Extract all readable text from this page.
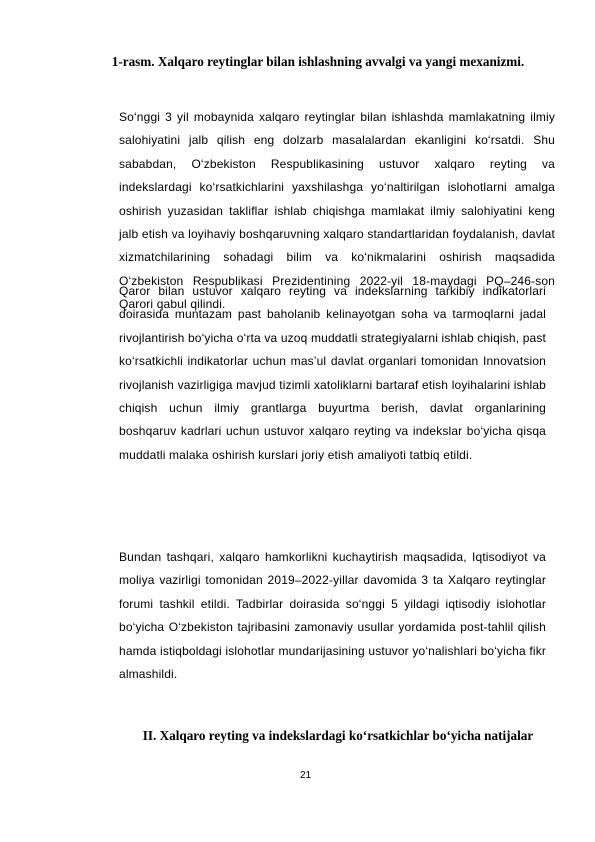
1-rasm. Xalqaro reytinglar bilan ishlashning avvalgi va yangi mexanizmi.

So‘nggi 3 yil mobaynida xalqaro reytinglar bilan ishlashda mamlakatning ilmiy salohiyatini jalb qilish eng dolzarb masalalardan ekanligini ko‘rsatdi. Shu sababdan, O‘zbekiston Respublikasining ustuvor xalqaro reyting va indekslardagi ko‘rsatkichlarini yaxshilashga yo‘naltirilgan islohotlarni amalga oshirish yuzasidan takliflar ishlab chiqishga mamlakat ilmiy salohiyatini keng jalb etish va loyihaviy boshqaruvning xalqaro standartlaridan foydalanish, davlat xizmatchilarining sohadagi bilim va ko‘nikmalarini oshirish maqsadida O‘zbekiston Respublikasi Prezidentining 2022-yil 18-maydagi PQ–246-son Qarori qabul qilindi.

Qaror bilan ustuvor xalqaro reyting va indekslarning tarkibiy indikatorlari doirasida muntazam past baholanib kelinayotgan soha va tarmoqlarni jadal rivojlantirish bo‘yicha o‘rta va uzoq muddatli strategiyalarni ishlab chiqish, past ko‘rsatkichli indikatorlar uchun mas’ul davlat organlari tomonidan Innovatsion rivojlanish vazirligiga mavjud tizimli xatoliklarni bartaraf etish loyihalarini ishlab chiqish uchun ilmiy grantlarga buyurtma berish, davlat organlarining boshqaruv kadrlari uchun ustuvor xalqaro reyting va indekslar bo‘yicha qisqa muddatli malaka oshirish kurslari joriy etish amaliyoti tatbiq etildi.

Bundan tashqari, xalqaro hamkorlikni kuchaytirish maqsadida, Iqtisodiyot va moliya vazirligi tomonidan 2019–2022-yillar davomida 3 ta Xalqaro reytinglar forumi tashkil etildi. Tadbirlar doirasida so‘nggi 5 yildagi iqtisodiy islohotlar bo‘yicha O‘zbekiston tajribasini zamonaviy usullar yordamida post-tahlil qilish hamda istiqboldagi islohotlar mundarijasining ustuvor yo‘nalishlari bo‘yicha fikr almashildi.

II. Xalqaro reyting va indekslardagi ko‘rsatkichlar bo‘yicha natijalar
21
